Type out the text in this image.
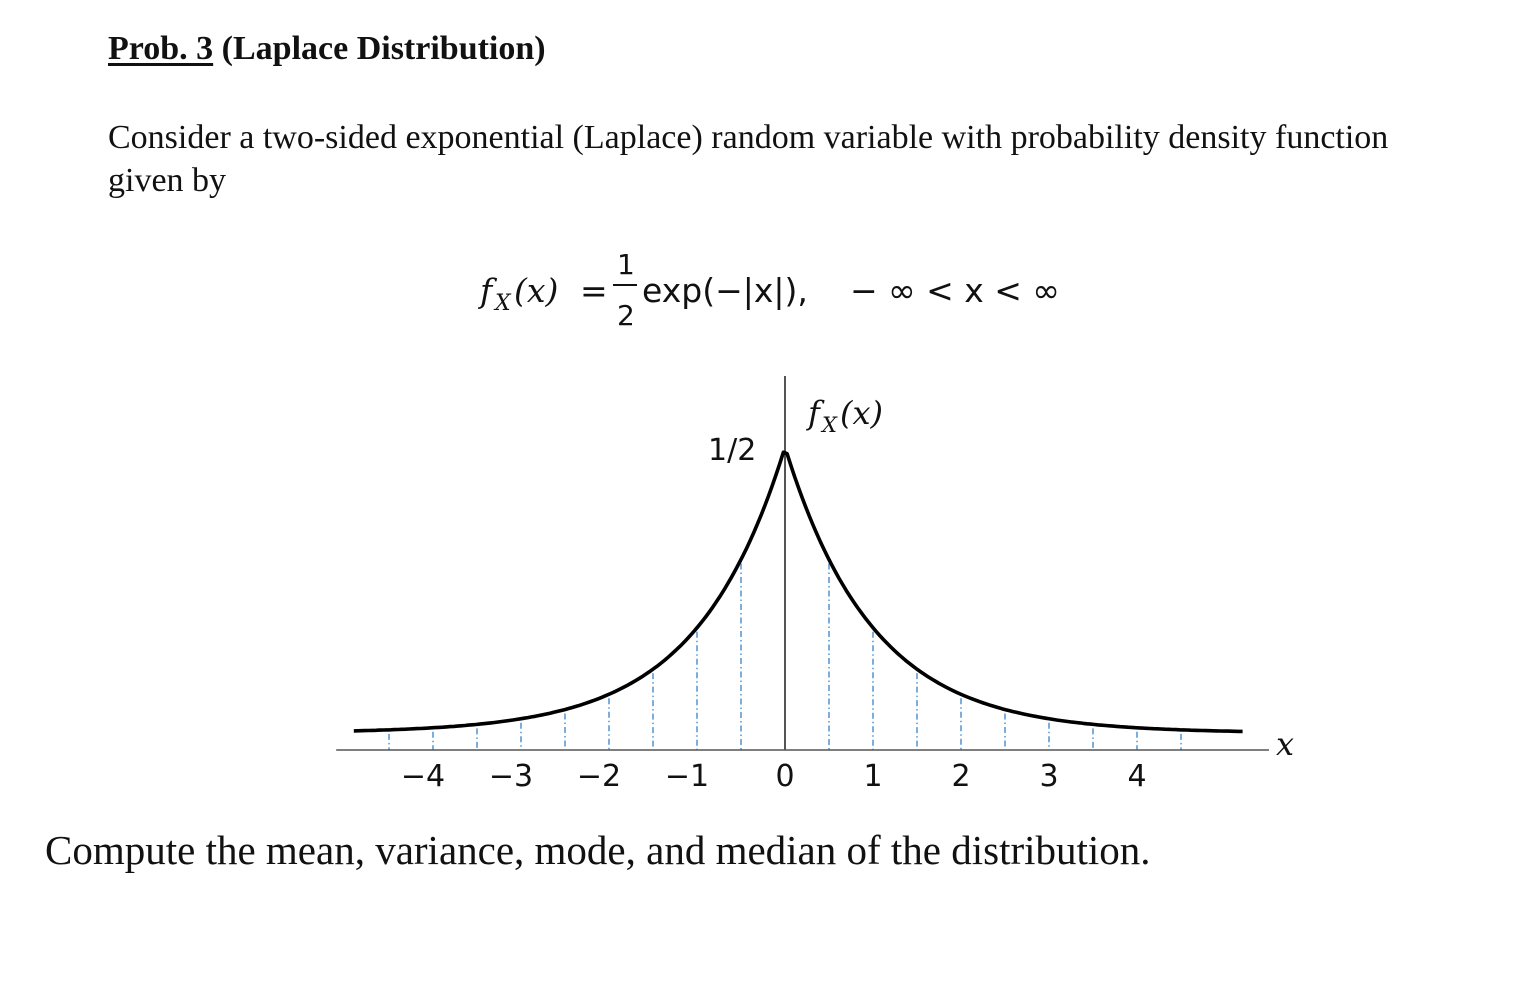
Prob. 3 (Laplace Distribution)
Consider a two-sided exponential (Laplace) random variable with probability density function given by
f X (x) =
1
2
exp(−|x|), − ∞ < x < ∞
−4 −3 −2 −1 0 1 2 3 4
1/2
f X (x)
x
Compute the mean, variance, mode, and median of the distribution.
